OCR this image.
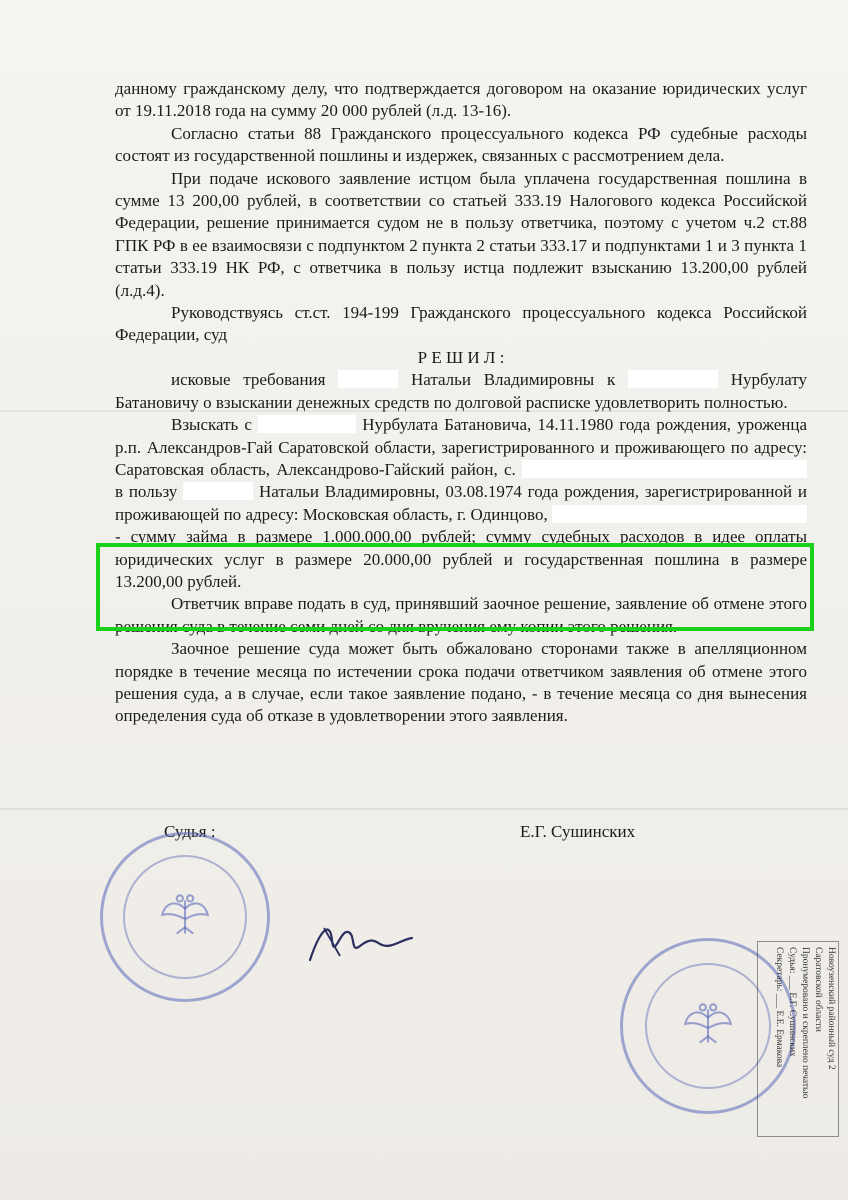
данному гражданскому делу, что подтверждается договором на оказание юридических услуг от 19.11.2018 года на сумму 20 000 рублей (л.д. 13-16).

Согласно статьи 88 Гражданского процессуального кодекса РФ судебные расходы состоят из государственной пошлины и издержек, связанных с рассмотрением дела.

При подаче искового заявление истцом была уплачена государственная пошлина в сумме 13 200,00 рублей, в соответствии со статьей 333.19 Налогового кодекса Российской Федерации, решение принимается судом не в пользу ответчика, поэтому с учетом ч.2 ст.88 ГПК РФ в ее взаимосвязи с подпунктом 2 пункта 2 статьи 333.17 и подпунктами 1 и 3 пункта 1 статьи 333.19 НК РФ, с ответчика в пользу истца подлежит взысканию 13.200,00 рублей (л.д.4).

Руководствуясь ст.ст. 194-199 Гражданского процессуального кодекса Российской Федерации, суд

Р Е Ш И Л :

исковые требования	Натальи Владимировны к	Нурбулату Батановичу о взыскании денежных средств по долговой расписке удовлетворить полностью.

Взыскать с	Нурбулата Батановича, 14.11.1980 года рождения, уроженца р.п. Александров-Гай Саратовской области, зарегистрированного и проживающего по адресу: Саратовская область, Александрово-Гайский район, с.  в пользу	Натальи Владимировны, 03.08.1974 года рождения, зарегистрированной и проживающей по адресу: Московская область, г. Одинцово,  - сумму займа в размере 1.000.000,00 рублей; сумму судебных расходов в идее оплаты юридических услуг в размере 20.000,00 рублей и государственная пошлина в размере 13.200,00 рублей.

Ответчик вправе подать в суд, принявший заочное решение, заявление об отмене этого решения суда в течение семи дней со дня вручения ему копии этого решения.

Заочное решение суда может быть обжаловано сторонами также в апелляционном порядке в течение месяца по истечении срока подачи ответчиком заявления об отмене этого решения суда, а в случае, если такое заявление подано, - в течение месяца со дня вынесения определения суда об отказе в удовлетворении этого заявления.

Судья :	Е.Г. Сушинских
Новоузенский районный суд 2
Саратовской области
Пронумеровано и скреплено печатью
Судья: ___ Е.Г. Сушинских
Секретарь: ___ Е.Е. Ермакова
